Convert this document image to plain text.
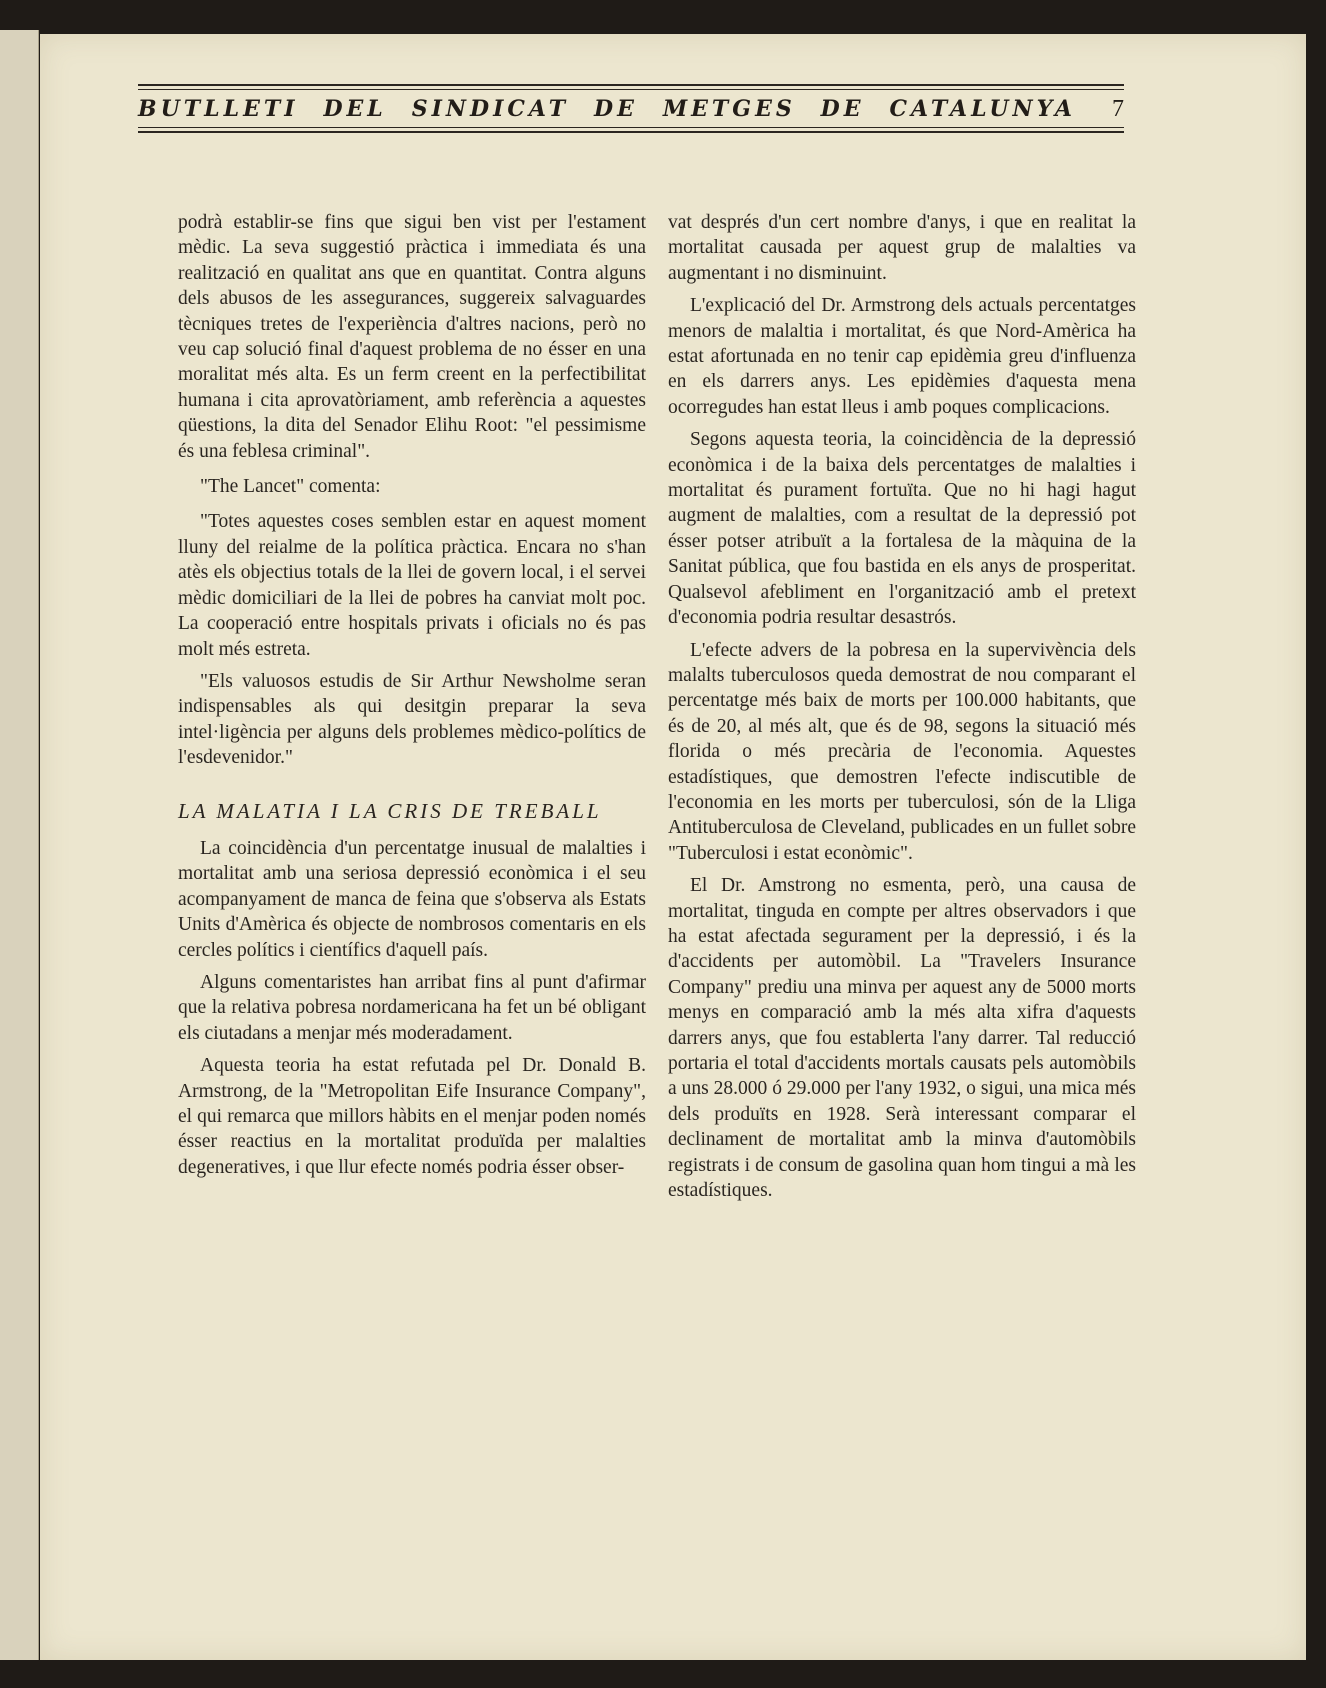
BUTLLETI DEL SINDICAT DE METGES DE CATALUNYA 7

podrà establir-se fins que sigui ben vist per l'estament mèdic. La seva suggestió pràctica i immediata és una realització en qualitat ans que en quantitat. Contra alguns dels abusos de les assegurances, suggereix salvaguardes tècniques tretes de l'experiència d'altres nacions, però no veu cap solució final d'aquest problema de no ésser en una moralitat més alta. Es un ferm creent en la perfectibilitat humana i cita aprovatòriament, amb referència a aquestes qüestions, la dita del Senador Elihu Root: "el pessimisme és una feblesa criminal".

"The Lancet" comenta:

"Totes aquestes coses semblen estar en aquest moment lluny del reialme de la política pràctica. Encara no s'han atès els objectius totals de la llei de govern local, i el servei mèdic domiciliari de la llei de pobres ha canviat molt poc. La cooperació entre hospitals privats i oficials no és pas molt més estreta.

"Els valuosos estudis de Sir Arthur Newsholme seran indispensables als qui desitgin preparar la seva intel·ligència per alguns dels problemes mèdico-polítics de l'esdevenidor."

LA MALATIA I LA CRIS DE TREBALL

La coincidència d'un percentatge inusual de malalties i mortalitat amb una seriosa depressió econòmica i el seu acompanyament de manca de feina que s'observa als Estats Units d'Amèrica és objecte de nombrosos comentaris en els cercles polítics i científics d'aquell país.

Alguns comentaristes han arribat fins al punt d'afirmar que la relativa pobresa nordamericana ha fet un bé obligant els ciutadans a menjar més moderadament.

Aquesta teoria ha estat refutada pel Dr. Donald B. Armstrong, de la "Metropolitan Eife Insurance Company", el qui remarca que millors hàbits en el menjar poden només ésser reactius en la mortalitat produïda per malalties degeneratives, i que llur efecte només podria ésser obser-

vat després d'un cert nombre d'anys, i que en realitat la mortalitat causada per aquest grup de malalties va augmentant i no disminuint.

L'explicació del Dr. Armstrong dels actuals percentatges menors de malaltia i mortalitat, és que Nord-Amèrica ha estat afortunada en no tenir cap epidèmia greu d'influenza en els darrers anys. Les epidèmies d'aquesta mena ocorregudes han estat lleus i amb poques complicacions.

Segons aquesta teoria, la coincidència de la depressió econòmica i de la baixa dels percentatges de malalties i mortalitat és purament fortuïta. Que no hi hagi hagut augment de malalties, com a resultat de la depressió pot ésser potser atribuït a la fortalesa de la màquina de la Sanitat pública, que fou bastida en els anys de prosperitat. Qualsevol afebliment en l'organització amb el pretext d'economia podria resultar desastrós.

L'efecte advers de la pobresa en la supervivència dels malalts tuberculosos queda demostrat de nou comparant el percentatge més baix de morts per 100.000 habitants, que és de 20, al més alt, que és de 98, segons la situació més florida o més precària de l'economia. Aquestes estadístiques, que demostren l'efecte indiscutible de l'economia en les morts per tuberculosi, són de la Lliga Antituberculosa de Cleveland, publicades en un fullet sobre "Tuberculosi i estat econòmic".

El Dr. Amstrong no esmenta, però, una causa de mortalitat, tinguda en compte per altres observadors i que ha estat afectada segurament per la depressió, i és la d'accidents per automòbil. La "Travelers Insurance Company" prediu una minva per aquest any de 5000 morts menys en comparació amb la més alta xifra d'aquests darrers anys, que fou establerta l'any darrer. Tal reducció portaria el total d'accidents mortals causats pels automòbils a uns 28.000 ó 29.000 per l'any 1932, o sigui, una mica més dels produïts en 1928. Serà interessant comparar el declinament de mortalitat amb la minva d'automòbils registrats i de consum de gasolina quan hom tingui a mà les estadístiques.
